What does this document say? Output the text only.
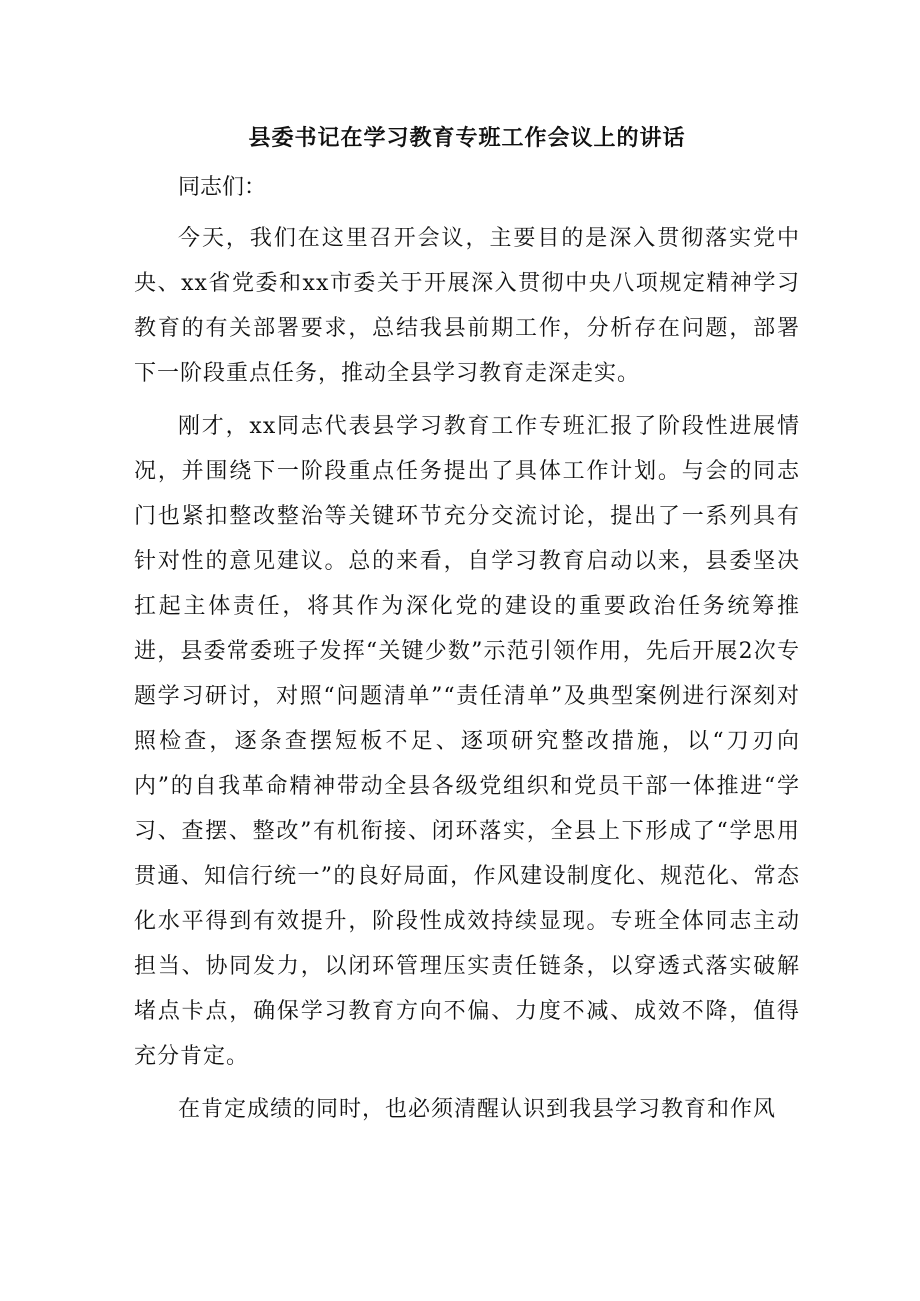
县委书记在学习教育专班工作会议上的讲话

同志们：

今天，我们在这里召开会议，主要目的是深入贯彻落实党中央、xx省党委和xx市委关于开展深入贯彻中央八项规定精神学习教育的有关部署要求，总结我县前期工作，分析存在问题，部署下一阶段重点任务，推动全县学习教育走深走实。

刚才，xx同志代表县学习教育工作专班汇报了阶段性进展情况，并围绕下一阶段重点任务提出了具体工作计划。与会的同志门也紧扣整改整治等关键环节充分交流讨论，提出了一系列具有针对性的意见建议。总的来看，自学习教育启动以来，县委坚决扛起主体责任，将其作为深化党的建设的重要政治任务统筹推进，县委常委班子发挥“关键少数”示范引领作用，先后开展2次专题学习研讨，对照“问题清单”“责任清单”及典型案例进行深刻对照检查，逐条查摆短板不足、逐项研究整改措施，以“刀刃向内”的自我革命精神带动全县各级党组织和党员干部一体推进“学习、查摆、整改”有机衔接、闭环落实，全县上下形成了“学思用贯通、知信行统一”的良好局面，作风建设制度化、规范化、常态化水平得到有效提升，阶段性成效持续显现。专班全体同志主动担当、协同发力，以闭环管理压实责任链条，以穿透式落实破解堵点卡点，确保学习教育方向不偏、力度不减、成效不降，值得充分肯定。

在肯定成绩的同时，也必须清醒认识到我县学习教育和作风
